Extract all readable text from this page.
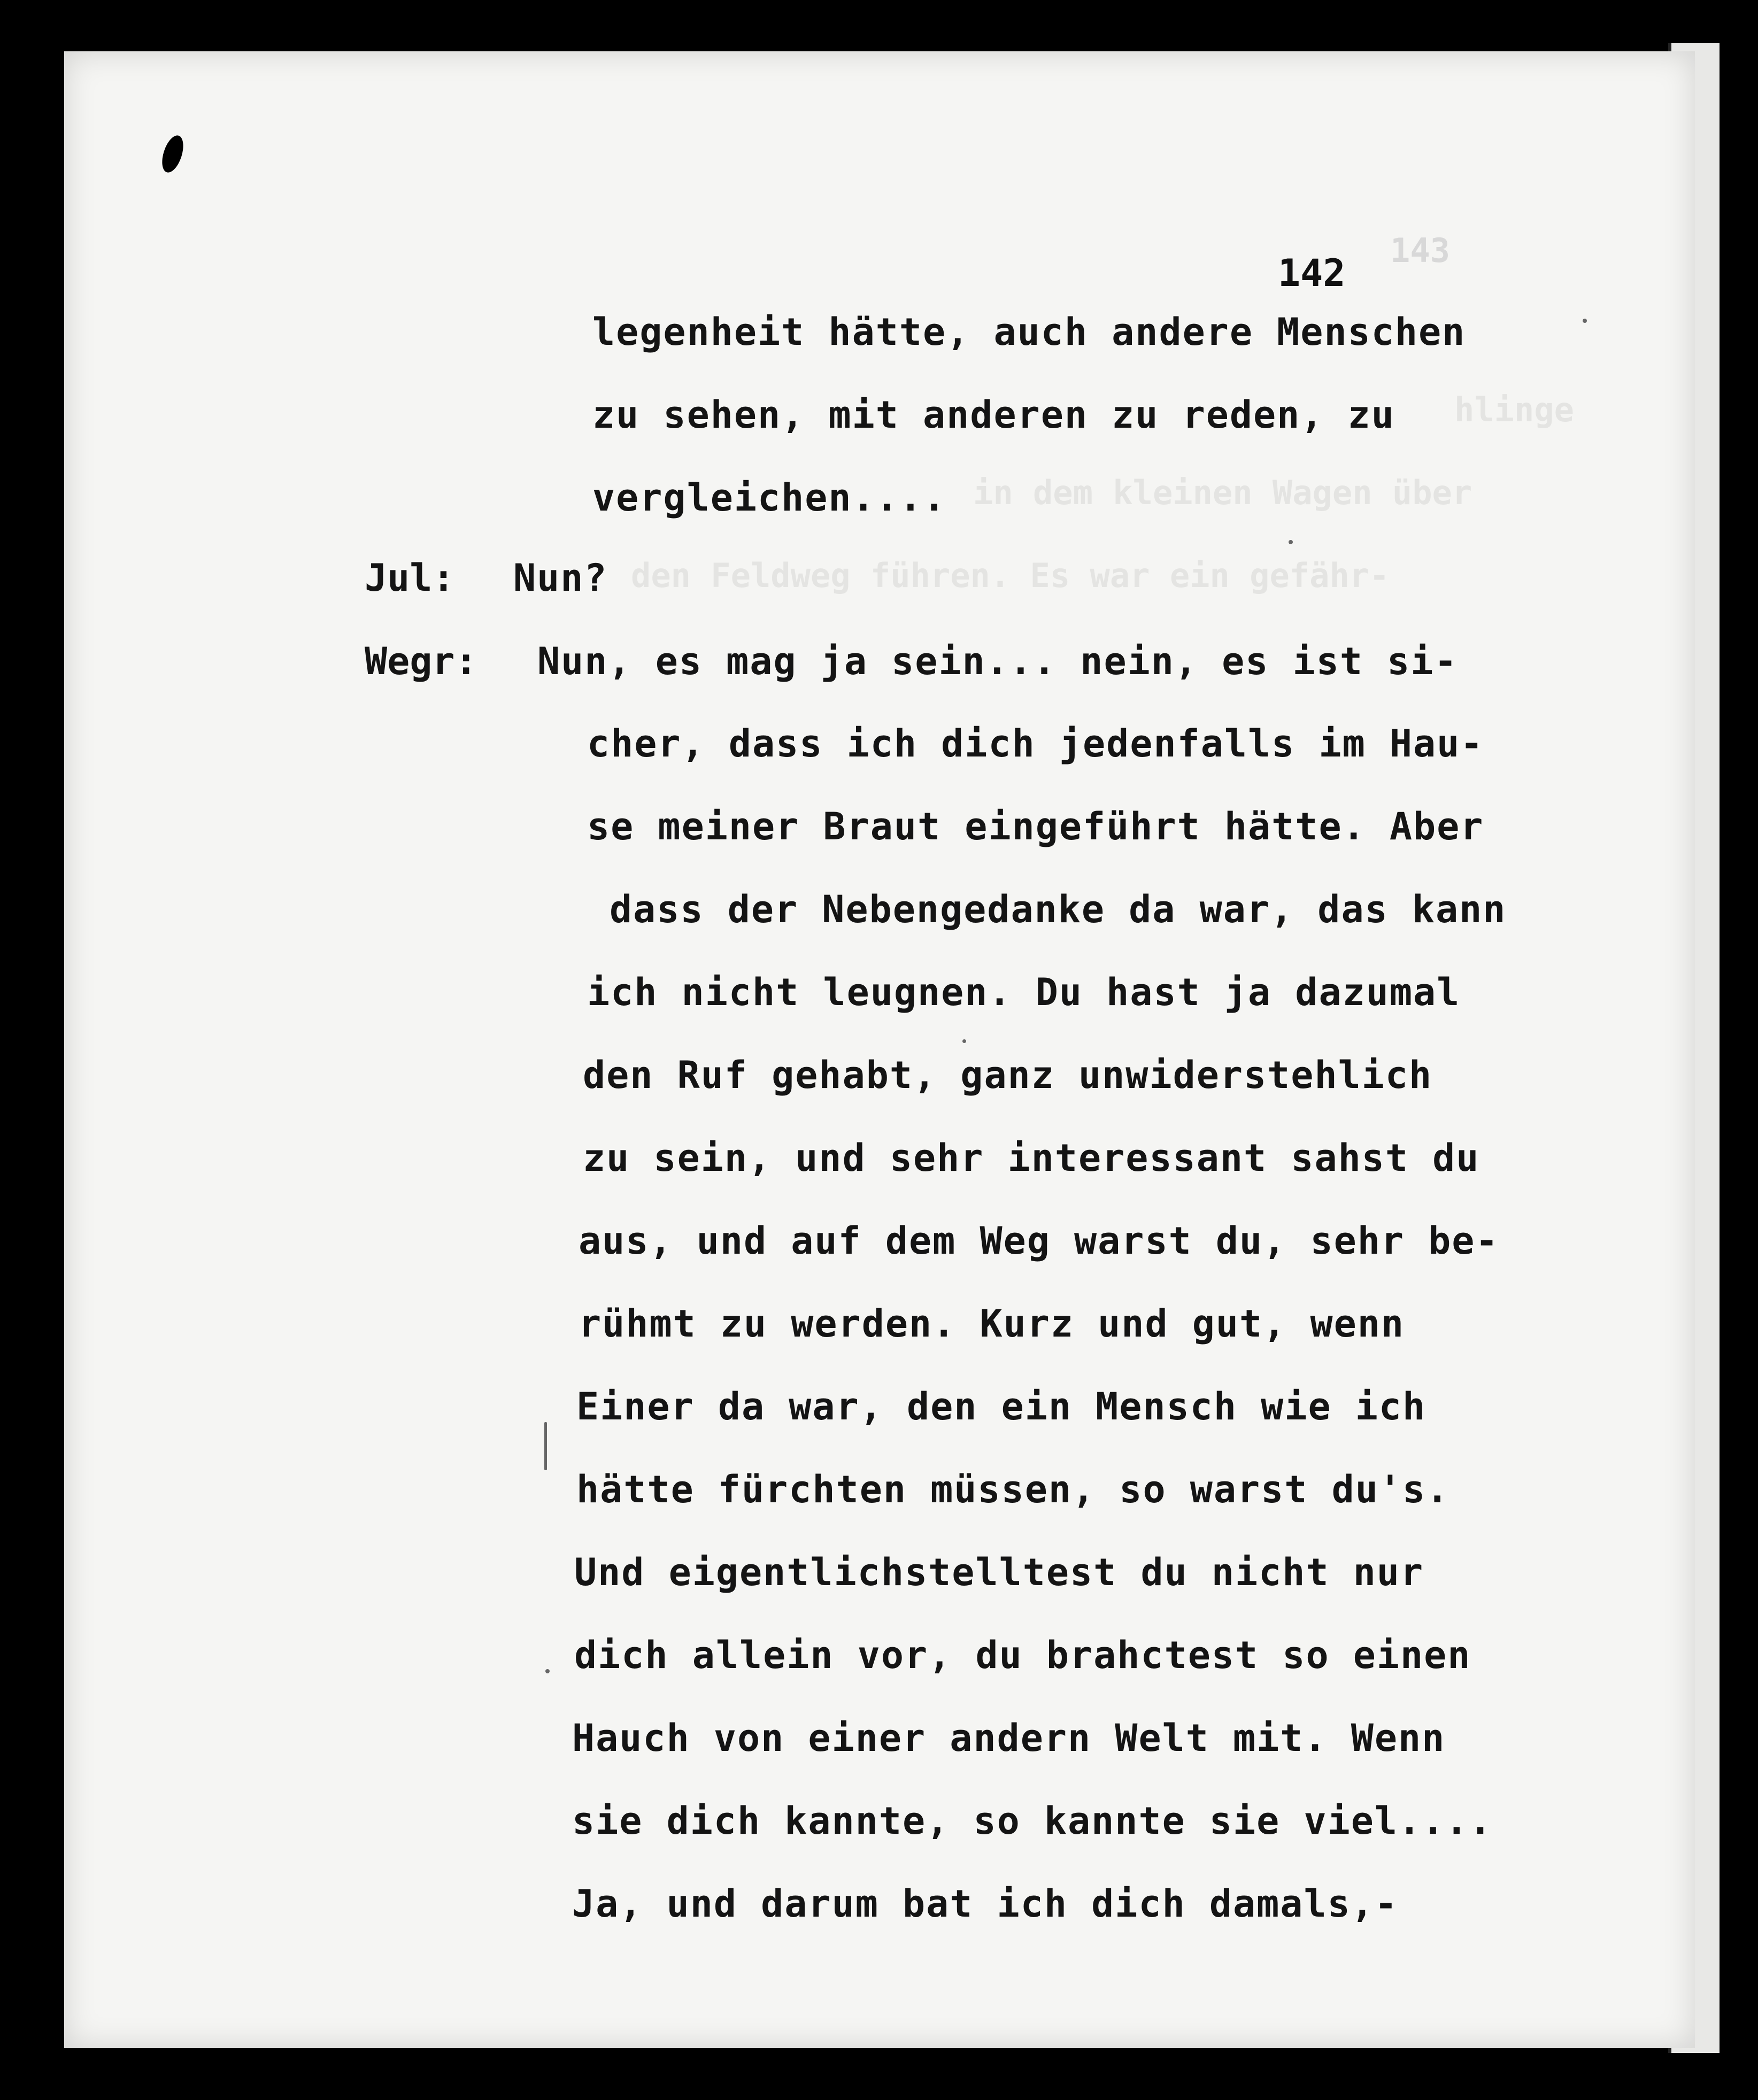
143
hlinge
in dem kleinen Wagen über
den Feldweg führen. Es war ein gefähr-
142
legenheit hätte, auch andere Menschen
zu sehen, mit anderen zu reden, zu
vergleichen....
Jul: Nun?
Wegr: Nun, es mag ja sein... nein, es ist si-
cher, dass ich dich jedenfalls im Hau-
se meiner Braut eingeführt hätte. Aber
dass der Nebengedanke da war, das kann
ich nicht leugnen. Du hast ja dazumal
den Ruf gehabt, ganz unwiderstehlich
zu sein, und sehr interessant sahst du
aus, und auf dem Weg warst du, sehr be-
rühmt zu werden. Kurz und gut, wenn
Einer da war, den ein Mensch wie ich
hätte fürchten müssen, so warst du's.
Und eigentlichstelltest du nicht nur
dich allein vor, du brahctest so einen
Hauch von einer andern Welt mit. Wenn
sie dich kannte, so kannte sie viel....
Ja, und darum bat ich dich damals,-
